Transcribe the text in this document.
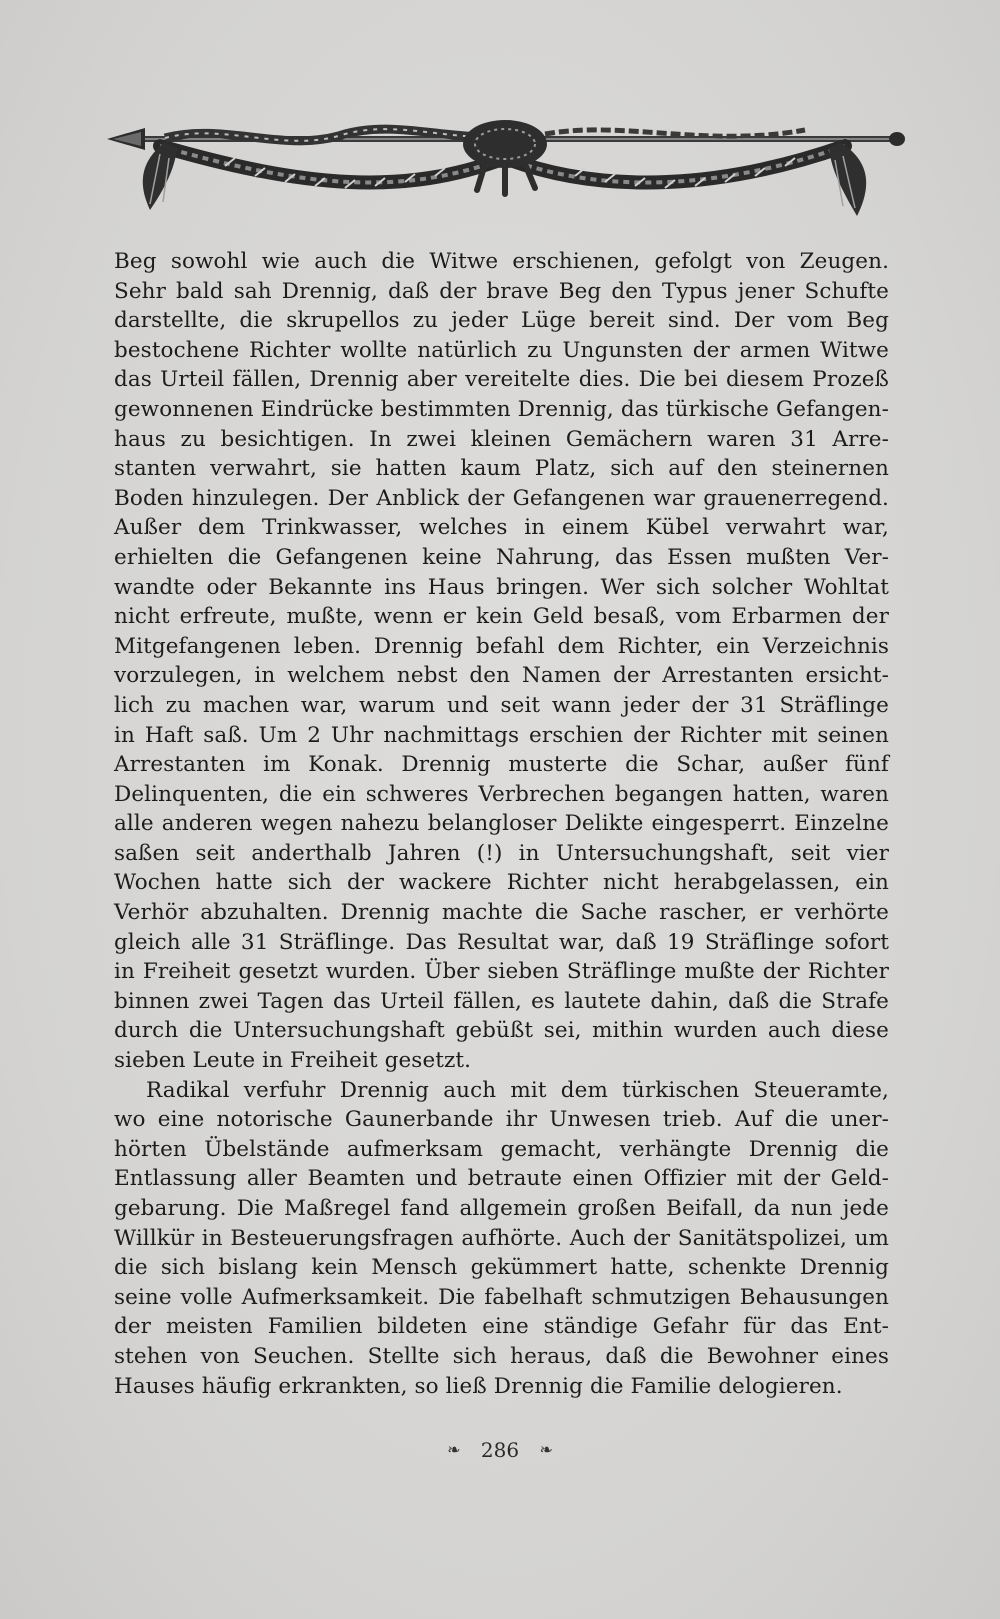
Beg sowohl wie auch die Witwe erschienen, gefolgt von Zeugen.
Sehr bald sah Drennig, daß der brave Beg den Typus jener Schufte
darstellte, die skrupellos zu jeder Lüge bereit sind. Der vom Beg
bestochene Richter wollte natürlich zu Ungunsten der armen Witwe
das Urteil fällen, Drennig aber vereitelte dies. Die bei diesem Prozeß
gewonnenen Eindrücke bestimmten Drennig, das türkische Gefangen-
haus zu besichtigen. In zwei kleinen Gemächern waren 31 Arre-
stanten verwahrt, sie hatten kaum Platz, sich auf den steinernen
Boden hinzulegen. Der Anblick der Gefangenen war grauenerregend.
Außer dem Trinkwasser, welches in einem Kübel verwahrt war,
erhielten die Gefangenen keine Nahrung, das Essen mußten Ver-
wandte oder Bekannte ins Haus bringen. Wer sich solcher Wohltat
nicht erfreute, mußte, wenn er kein Geld besaß, vom Erbarmen der
Mitgefangenen leben. Drennig befahl dem Richter, ein Verzeichnis
vorzulegen, in welchem nebst den Namen der Arrestanten ersicht-
lich zu machen war, warum und seit wann jeder der 31 Sträflinge
in Haft saß. Um 2 Uhr nachmittags erschien der Richter mit seinen
Arrestanten im Konak. Drennig musterte die Schar, außer fünf
Delinquenten, die ein schweres Verbrechen begangen hatten, waren
alle anderen wegen nahezu belangloser Delikte eingesperrt. Einzelne
saßen seit anderthalb Jahren (!) in Untersuchungshaft, seit vier
Wochen hatte sich der wackere Richter nicht herabgelassen, ein
Verhör abzuhalten. Drennig machte die Sache rascher, er verhörte
gleich alle 31 Sträflinge. Das Resultat war, daß 19 Sträflinge sofort
in Freiheit gesetzt wurden. Über sieben Sträflinge mußte der Richter
binnen zwei Tagen das Urteil fällen, es lautete dahin, daß die Strafe
durch die Untersuchungshaft gebüßt sei, mithin wurden auch diese
sieben Leute in Freiheit gesetzt.

Radikal verfuhr Drennig auch mit dem türkischen Steueramte,
wo eine notorische Gaunerbande ihr Unwesen trieb. Auf die uner-
hörten Übelstände aufmerksam gemacht, verhängte Drennig die
Entlassung aller Beamten und betraute einen Offizier mit der Geld-
gebarung. Die Maßregel fand allgemein großen Beifall, da nun jede
Willkür in Besteuerungsfragen aufhörte. Auch der Sanitätspolizei, um
die sich bislang kein Mensch gekümmert hatte, schenkte Drennig
seine volle Aufmerksamkeit. Die fabelhaft schmutzigen Behausungen
der meisten Familien bildeten eine ständige Gefahr für das Ent-
stehen von Seuchen. Stellte sich heraus, daß die Bewohner eines
Hauses häufig erkrankten, so ließ Drennig die Familie delogieren.

❧ 286 ❧
